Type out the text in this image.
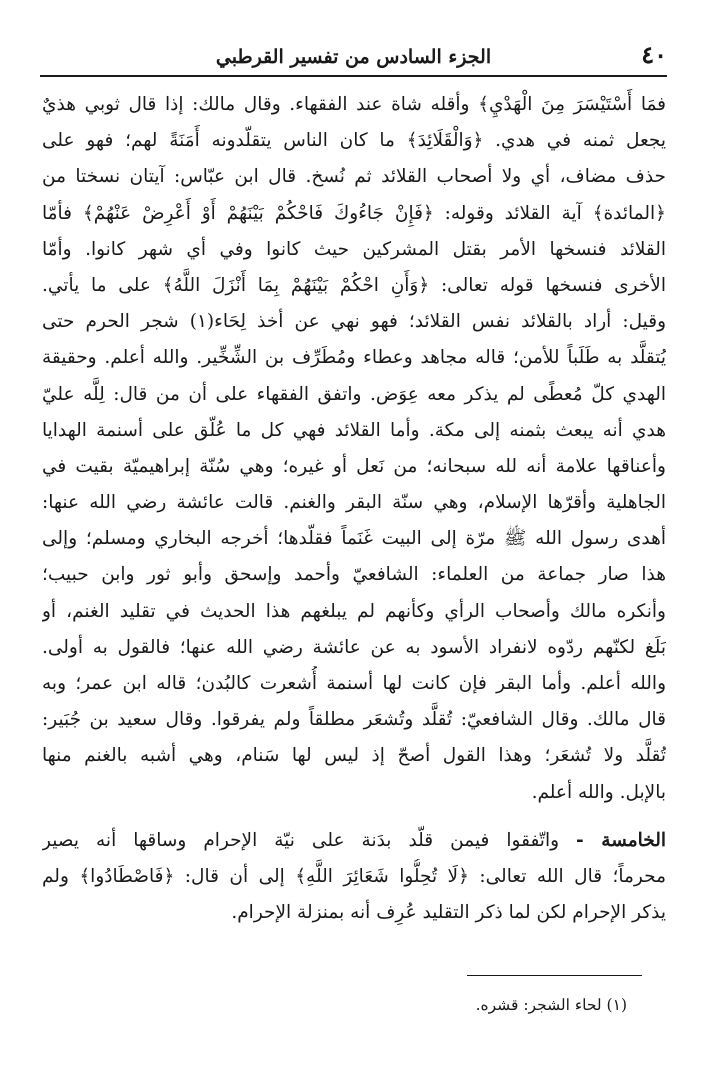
٤٠
الجزء السادس من تفسير القرطبي
فمَا أَسْتَيْسَرَ مِنَ الْهَدْيِ﴾ وأقله شاة عند الفقهاء. وقال مالك: إذا قال ثوبي هذيٌ
يجعل ثمنه في هدي. ﴿وَالْقَلَائِدَ﴾ ما كان الناس يتقلّدونه أَمَنَةً لهم؛ فهو على
حذف مضاف، أي ولا أصحاب القلائد ثم نُسخ. قال ابن عبّاس: آيتان نسختا من
﴿المائدة﴾ آية القلائد وقوله: ﴿فَإِنْ جَاءُوكَ فَاحْكُمْ بَيْنَهُمْ أَوْ أَعْرِضْ عَنْهُمْ﴾ فأمّا
القلائد فنسخها الأمر بقتل المشركين حيث كانوا وفي أي شهر كانوا. وأمّا
الأخرى فنسخها قوله تعالى: ﴿وَأَنِ احْكُمْ بَيْنَهُمْ بِمَا أَنْزَلَ اللَّهُ﴾ على ما يأتي.
وقيل: أراد بالقلائد نفس القلائد؛ فهو نهي عن أخذ لِحَاء(١) شجر الحرم حتى
يُتقلَّد به طَلَباً للأمن؛ قاله مجاهد وعطاء ومُطَرِّف بن الشِّخِّير. والله أعلم. وحقيقة
الهدي كلّ مُعطًى لم يذكر معه عِوَض. واتفق الفقهاء على أن من قال: لِلَّه عليّ
هدي أنه يبعث بثمنه إلى مكة. وأما القلائد فهي كل ما عُلّق على أسنمة الهدايا
وأعناقها علامة أنه لله سبحانه؛ من نَعل أو غيره؛ وهي سُنّة إبراهيميّة بقيت في
الجاهلية وأقرّها الإسلام، وهي سنّة البقر والغنم. قالت عائشة رضي الله عنها:
أهدى رسول الله ﷺ مرّة إلى البيت غَنَماً فقلّدها؛ أخرجه البخاري ومسلم؛ وإلى
هذا صار جماعة من العلماء: الشافعيّ وأحمد وإسحق وأبو ثور وابن حبيب؛
وأنكره مالك وأصحاب الرأي وكأنهم لم يبلغهم هذا الحديث في تقليد الغنم، أو
بَلَغ لكنّهم ردّوه لانفراد الأسود به عن عائشة رضي الله عنها؛ فالقول به أولى.
والله أعلم. وأما البقر فإن كانت لها أسنمة أُشعرت كالبُدن؛ قاله ابن عمر؛ وبه
قال مالك. وقال الشافعيّ: تُقلَّد وتُشعَر مطلقاً ولم يفرقوا. وقال سعيد بن جُبَير:
تُقلَّد ولا تُشعَر؛ وهذا القول أصحّ إذ ليس لها سَنام، وهي أشبه بالغنم منها
بالإبل. والله أعلم.
الخامسة - واتّفقوا فيمن قلّد بدَنة على نيّة الإحرام وساقها أنه يصير
محرماً؛ قال الله تعالى: ﴿لَا تُحِلُّوا شَعَائِرَ اللَّهِ﴾ إلى أن قال: ﴿فَاصْطَادُوا﴾ ولم
يذكر الإحرام لكن لما ذكر التقليد عُرِف أنه بمنزلة الإحرام.
(١) لحاء الشجر: قشره.
